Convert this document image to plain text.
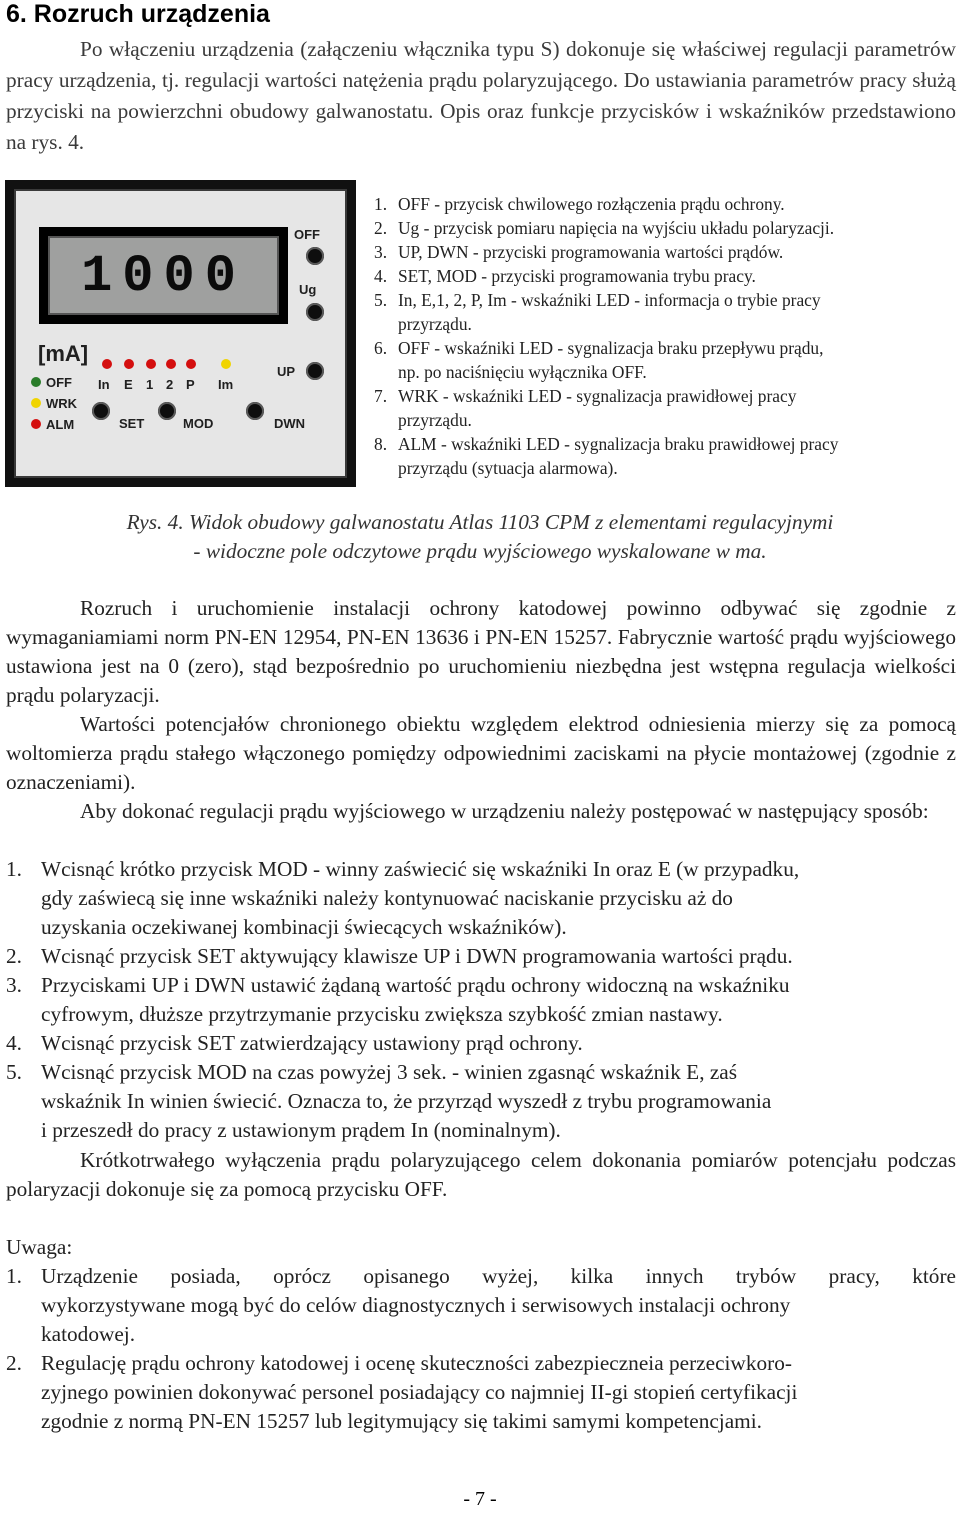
6. Rozruch urządzenia
Po włączeniu urządzenia (załączeniu włącznika typu S) dokonuje się właściwej regulacji parametrów pracy urządzenia, tj. regulacji wartości natężenia prądu polaryzującego. Do ustawiania parametrów pracy służą przyciski na powierzchni obudowy galwanostatu. Opis oraz funkcje przycisków i wskaźników przedstawiono na rys. 4.
1000
OFF
Ug
[mA]
In E 1 2 P Im
UP
OFF
WRK
ALM	SET	MOD	DWN
1. OFF - przycisk chwilowego rozłączenia prądu ochrony.
2. Ug - przycisk pomiaru napięcia na wyjściu układu polaryzacji.
3. UP, DWN - przyciski programowania wartości prądów.
4. SET, MOD - przyciski programowania trybu pracy.
5. In, E,1, 2, P, Im - wskaźniki LED - informacja o trybie pracy
przyrządu.
6. OFF - wskaźniki LED - sygnalizacja braku przepływu prądu,
np. po naciśnięciu wyłącznika OFF.
7. WRK - wskaźniki LED - sygnalizacja prawidłowej pracy
przyrządu.
8. ALM - wskaźniki LED - sygnalizacja braku prawidłowej pracy
przyrządu (sytuacja alarmowa).
Rys. 4. Widok obudowy galwanostatu Atlas 1103 CPM z elementami regulacyjnymi
- widoczne pole odczytowe prądu wyjściowego wyskalowane w ma.
Rozruch i uruchomienie instalacji ochrony katodowej powinno odbywać się zgodnie z wymaganiamiami norm PN-EN 12954, PN-EN 13636 i PN-EN 15257. Fabrycznie wartość prądu wyjściowego ustawiona jest na 0 (zero), stąd bezpośrednio po uruchomieniu niezbędna jest wstępna regulacja wielkości prądu polaryzacji.
Wartości potencjałów chronionego obiektu względem elektrod odniesienia mierzy się za pomocą woltomierza prądu stałego włączonego pomiędzy odpowiednimi zaciskami na płycie montażowej (zgodnie z oznaczeniami).
Aby dokonać regulacji prądu wyjściowego w urządzeniu należy postępować w następujący sposób:
1. Wcisnąć krótko przycisk MOD - winny zaświecić się wskaźniki In oraz E (w przypadku,
gdy zaświecą się inne wskaźniki należy kontynuować naciskanie przycisku aż do
uzyskania oczekiwanej kombinacji świecących wskaźników).
2. Wcisnąć przycisk SET aktywujący klawisze UP i DWN programowania wartości prądu.
3. Przyciskami UP i DWN ustawić żądaną wartość prądu ochrony widoczną na wskaźniku
cyfrowym, dłuższe przytrzymanie przycisku zwiększa szybkość zmian nastawy.
4. Wcisnąć przycisk SET zatwierdzający ustawiony prąd ochrony.
5. Wcisnąć przycisk MOD na czas powyżej 3 sek. - winien zgasnąć wskaźnik E, zaś
wskaźnik In winien świecić. Oznacza to, że przyrząd wyszedł z trybu programowania
i przeszedł do pracy z ustawionym prądem In (nominalnym).
Krótkotrwałego wyłączenia prądu polaryzującego celem dokonania pomiarów potencjału podczas polaryzacji dokonuje się za pomocą przycisku OFF.
Uwaga:
1. Urządzenie posiada, oprócz opisanego wyżej, kilka innych trybów pracy, które
wykorzystywane mogą być do celów diagnostycznych i serwisowych instalacji ochrony
katodowej.
2. Regulację prądu ochrony katodowej i ocenę skuteczności zabezpieczneia perzeciwkoro-
zyjnego powinien dokonywać personel posiadający co najmniej II-gi stopień certyfikacji
zgodnie z normą PN-EN 15257 lub legitymujący się takimi samymi kompetencjami.
- 7 -
